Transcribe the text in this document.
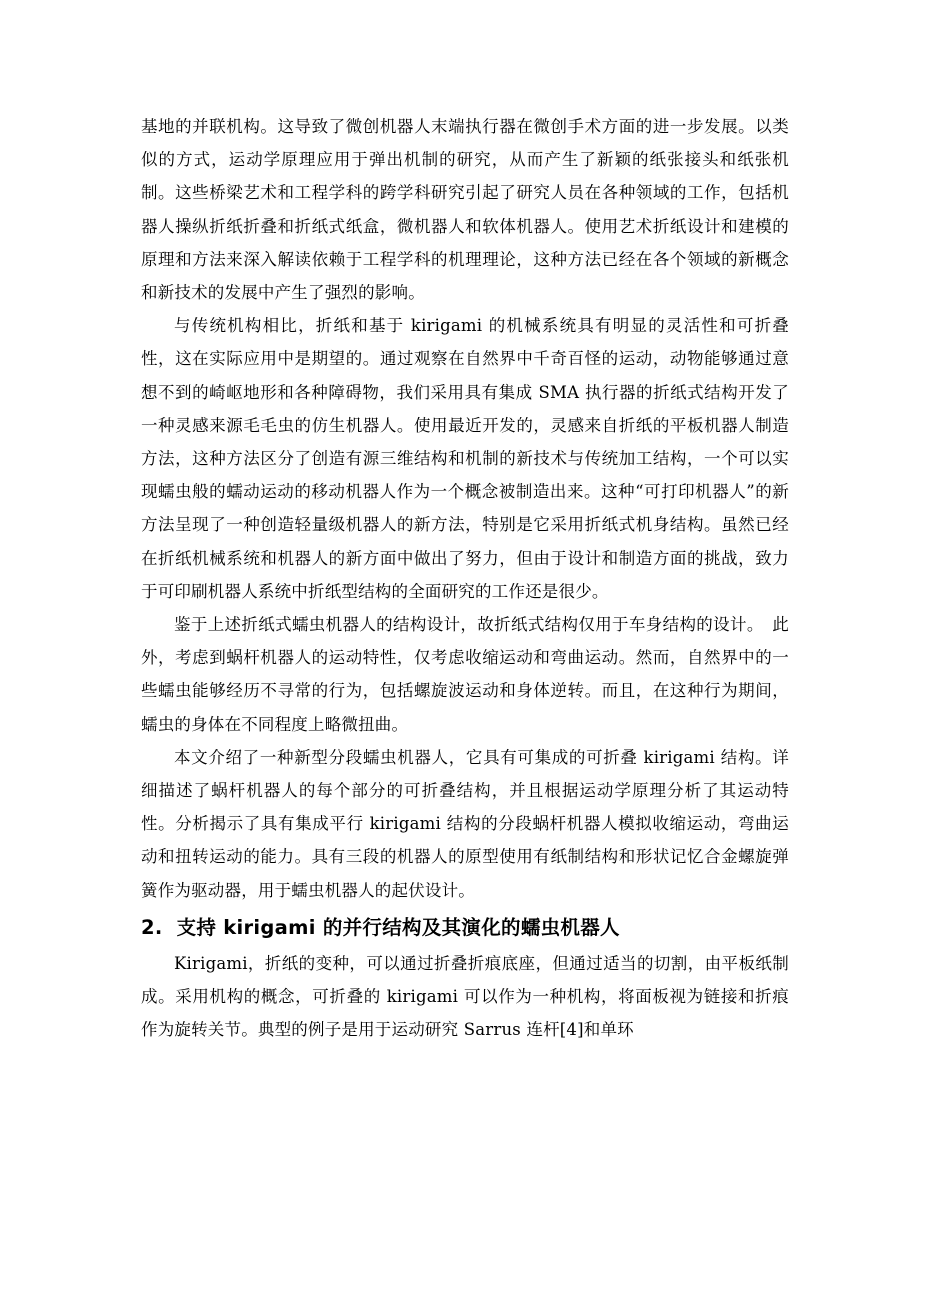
基地的并联机构。这导致了微创机器人末端执行器在微创手术方面的进一步发展。以类似的方式，运动学原理应用于弹出机制的研究，从而产生了新颖的纸张接头和纸张机制。这些桥梁艺术和工程学科的跨学科研究引起了研究人员在各种领域的工作，包括机器人操纵折纸折叠和折纸式纸盒，微机器人和软体机器人。使用艺术折纸设计和建模的原理和方法来深入解读依赖于工程学科的机理理论，这种方法已经在各个领域的新概念和新技术的发展中产生了强烈的影响。

与传统机构相比，折纸和基于 kirigami 的机械系统具有明显的灵活性和可折叠性，这在实际应用中是期望的。通过观察在自然界中千奇百怪的运动，动物能够通过意想不到的崎岖地形和各种障碍物，我们采用具有集成 SMA 执行器的折纸式结构开发了一种灵感来源毛毛虫的仿生机器人。使用最近开发的，灵感来自折纸的平板机器人制造方法，这种方法区分了创造有源三维结构和机制的新技术与传统加工结构，一个可以实现蠕虫般的蠕动运动的移动机器人作为一个概念被制造出来。这种“可打印机器人”的新方法呈现了一种创造轻量级机器人的新方法，特别是它采用折纸式机身结构。虽然已经在折纸机械系统和机器人的新方面中做出了努力，但由于设计和制造方面的挑战，致力于可印刷机器人系统中折纸型结构的全面研究的工作还是很少。

鉴于上述折纸式蠕虫机器人的结构设计，故折纸式结构仅用于车身结构的设计。　此外，考虑到蜗杆机器人的运动特性，仅考虑收缩运动和弯曲运动。然而，自然界中的一些蠕虫能够经历不寻常的行为，包括螺旋波运动和身体逆转。而且，在这种行为期间，蠕虫的身体在不同程度上略微扭曲。

本文介绍了一种新型分段蠕虫机器人，它具有可集成的可折叠 kirigami 结构。详细描述了蜗杆机器人的每个部分的可折叠结构，并且根据运动学原理分析了其运动特性。分析揭示了具有集成平行 kirigami 结构的分段蜗杆机器人模拟收缩运动，弯曲运动和扭转运动的能力。具有三段的机器人的原型使用有纸制结构和形状记忆合金螺旋弹簧作为驱动器，用于蠕虫机器人的起伏设计。

2. 支持 kirigami 的并行结构及其演化的蠕虫机器人

Kirigami，折纸的变种，可以通过折叠折痕底座，但通过适当的切割，由平板纸制成。采用机构的概念，可折叠的 kirigami 可以作为一种机构，将面板视为链接和折痕作为旋转关节。典型的例子是用于运动研究 Sarrus 连杆[4]和单环
